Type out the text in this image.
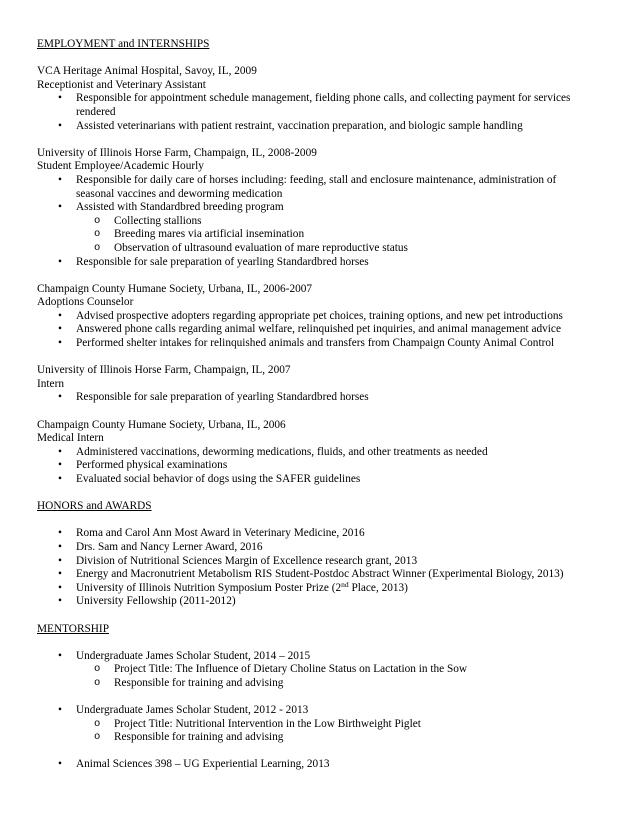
EMPLOYMENT and INTERNSHIPS
VCA Heritage Animal Hospital, Savoy, IL, 2009
Receptionist and Veterinary Assistant
• Responsible for appointment schedule management, fielding phone calls, and collecting payment for services
rendered
• Assisted veterinarians with patient restraint, vaccination preparation, and biologic sample handling
University of Illinois Horse Farm, Champaign, IL, 2008-2009
Student Employee/Academic Hourly
• Responsible for daily care of horses including: feeding, stall and enclosure maintenance, administration of
seasonal vaccines and deworming medication
• Assisted with Standardbred breeding program
o Collecting stallions
o Breeding mares via artificial insemination
o Observation of ultrasound evaluation of mare reproductive status
• Responsible for sale preparation of yearling Standardbred horses
Champaign County Humane Society, Urbana, IL, 2006-2007
Adoptions Counselor
• Advised prospective adopters regarding appropriate pet choices, training options, and new pet introductions
• Answered phone calls regarding animal welfare, relinquished pet inquiries, and animal management advice
• Performed shelter intakes for relinquished animals and transfers from Champaign County Animal Control
University of Illinois Horse Farm, Champaign, IL, 2007
Intern
• Responsible for sale preparation of yearling Standardbred horses
Champaign County Humane Society, Urbana, IL, 2006
Medical Intern
• Administered vaccinations, deworming medications, fluids, and other treatments as needed
• Performed physical examinations
• Evaluated social behavior of dogs using the SAFER guidelines
HONORS and AWARDS
• Roma and Carol Ann Most Award in Veterinary Medicine, 2016
• Drs. Sam and Nancy Lerner Award, 2016
• Division of Nutritional Sciences Margin of Excellence research grant, 2013
• Energy and Macronutrient Metabolism RIS Student-Postdoc Abstract Winner (Experimental Biology, 2013)
• University of Illinois Nutrition Symposium Poster Prize (2nd Place, 2013)
• University Fellowship (2011-2012)
MENTORSHIP
• Undergraduate James Scholar Student, 2014 – 2015
o Project Title: The Influence of Dietary Choline Status on Lactation in the Sow
o Responsible for training and advising
• Undergraduate James Scholar Student, 2012 - 2013
o Project Title: Nutritional Intervention in the Low Birthweight Piglet
o Responsible for training and advising
• Animal Sciences 398 – UG Experiential Learning, 2013
